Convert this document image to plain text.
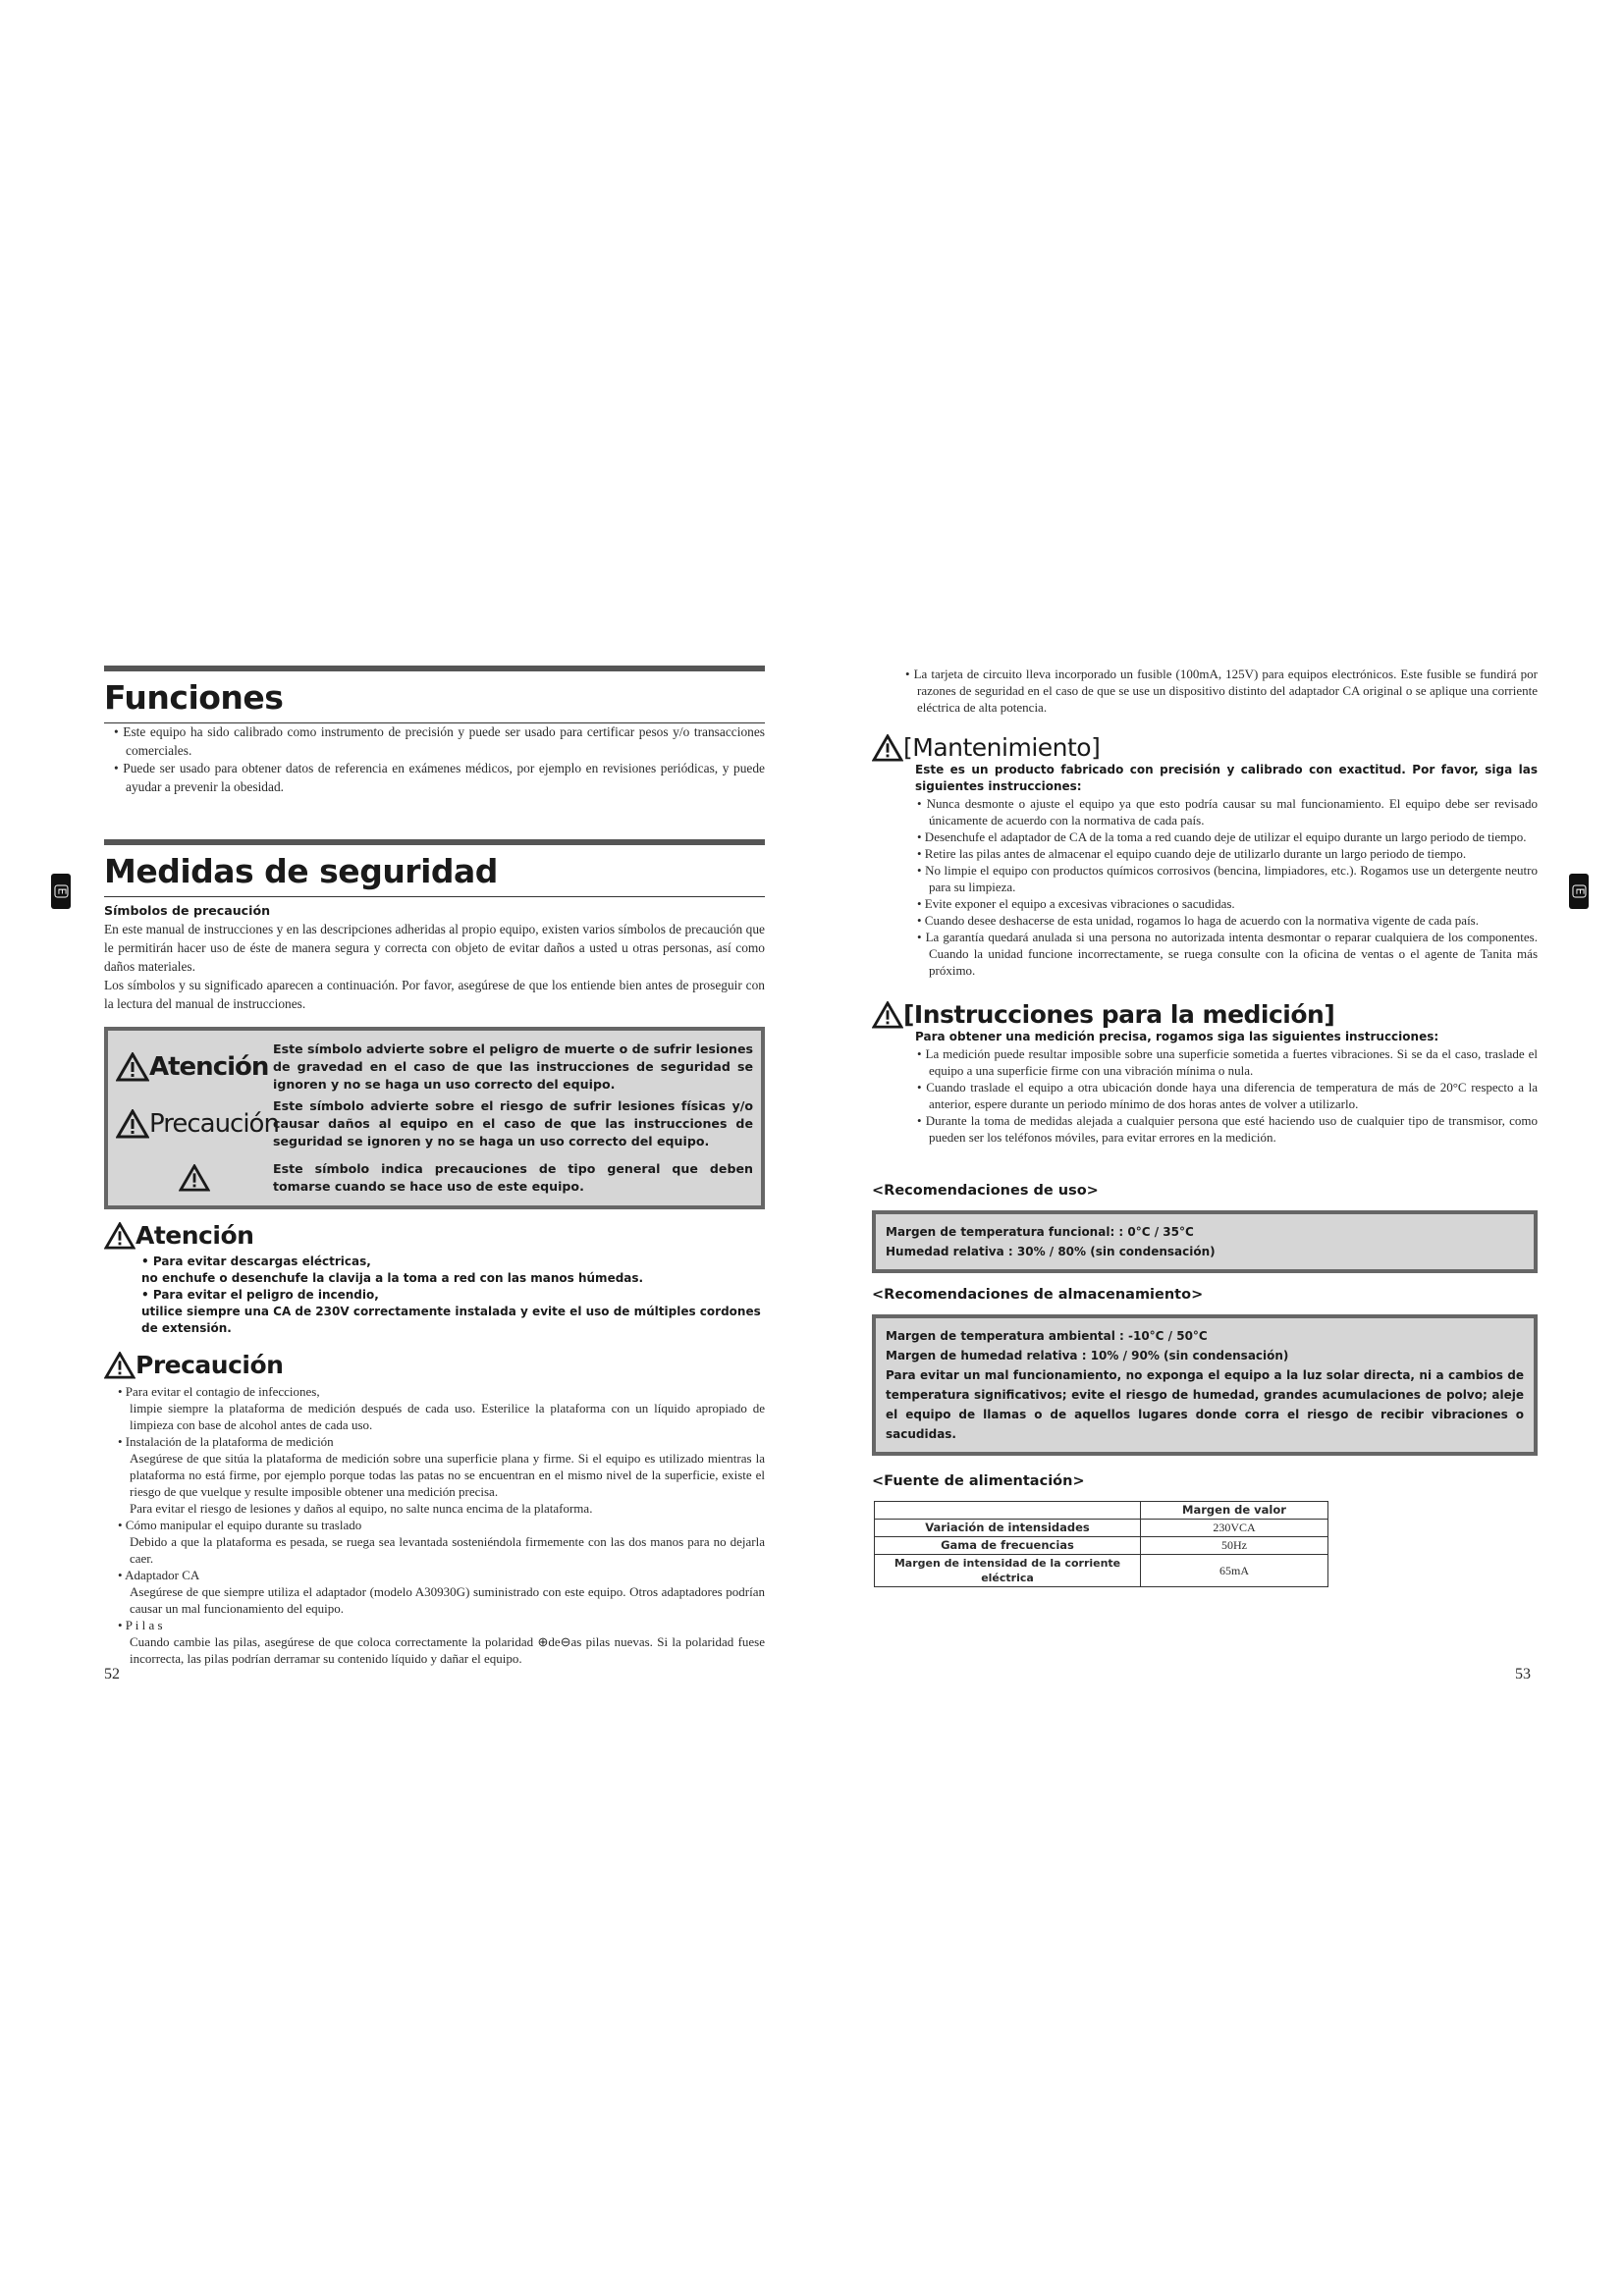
E	E
Funciones

• Este equipo ha sido calibrado como instrumento de precisión y puede ser usado para certificar pesos y/o transacciones comerciales.

• Puede ser usado para obtener datos de referencia en exámenes médicos, por ejemplo en revisiones periódicas, y puede ayudar a prevenir la obesidad.

Medidas de seguridad
Símbolos de precaución

En este manual de instrucciones y en las descripciones adheridas al propio equipo, existen varios símbolos de precaución que le permitirán hacer uso de éste de manera segura y correcta con objeto de evitar daños a usted u otras personas, así como daños materiales.

Los símbolos y su significado aparecen a continuación. Por favor, asegúrese de que los entiende bien antes de proseguir con la lectura del manual de instrucciones.

Atención
Este símbolo advierte sobre el peligro de muerte o de sufrir lesiones de gravedad en el caso de que las instrucciones de seguridad se ignoren y no se haga un uso correcto del equipo.
Precaución
Este símbolo advierte sobre el riesgo de sufrir lesiones físicas y/o causar daños al equipo en el caso de que las instrucciones de seguridad se ignoren y no se haga un uso correcto del equipo.
Este símbolo indica precauciones de tipo general que deben tomarse cuando se hace uso de este equipo.
Atención
• Para evitar descargas eléctricas,
no enchufe o desenchufe la clavija a la toma a red con las manos húmedas.
• Para evitar el peligro de incendio,
utilice siempre una CA de 230V correctamente instalada y evite el uso de múltiples cordones de extensión.
Precaución

• Para evitar el contagio de infecciones,

limpie siempre la plataforma de medición después de cada uso. Esterilice la plataforma con un líquido apropiado de limpieza con base de alcohol antes de cada uso.

• Instalación de la plataforma de medición

Asegúrese de que sitúa la plataforma de medición sobre una superficie plana y firme. Si el equipo es utilizado mientras la plataforma no está firme, por ejemplo porque todas las patas no se encuentran en el mismo nivel de la superficie, existe el riesgo de que vuelque y resulte imposible obtener una medición precisa.

Para evitar el riesgo de lesiones y daños al equipo, no salte nunca encima de la plataforma.

• Cómo manipular el equipo durante su traslado

Debido a que la plataforma es pesada, se ruega sea levantada sosteniéndola firmemente con las dos manos para no dejarla caer.

• Adaptador CA

Asegúrese de que siempre utiliza el adaptador (modelo A30930G) suministrado con este equipo. Otros adaptadores podrían causar un mal funcionamiento del equipo.

• P i l a s

Cuando cambie las pilas, asegúrese de que coloca correctamente la polaridad ⊕de⊖as pilas nuevas. Si la polaridad fuese incorrecta, las pilas podrían derramar su contenido líquido y dañar el equipo.

52

• La tarjeta de circuito lleva incorporado un fusible (100mA, 125V) para equipos electrónicos. Este fusible se fundirá por razones de seguridad en el caso de que se use un dispositivo distinto del adaptador CA original o se aplique una corriente eléctrica de alta potencia.

[Mantenimiento]
Este es un producto fabricado con precisión y calibrado con exactitud. Por favor, siga las siguientes instrucciones:

• Nunca desmonte o ajuste el equipo ya que esto podría causar su mal funcionamiento. El equipo debe ser revisado únicamente de acuerdo con la normativa de cada país.

• Desenchufe el adaptador de CA de la toma a red cuando deje de utilizar el equipo durante un largo periodo de tiempo.

• Retire las pilas antes de almacenar el equipo cuando deje de utilizarlo durante un largo periodo de tiempo.

• No limpie el equipo con productos químicos corrosivos (bencina, limpiadores, etc.). Rogamos use un detergente neutro para su limpieza.

• Evite exponer el equipo a excesivas vibraciones o sacudidas.

• Cuando desee deshacerse de esta unidad, rogamos lo haga de acuerdo con la normativa vigente de cada país.

• La garantía quedará anulada si una persona no autorizada intenta desmontar o reparar cualquiera de los componentes. Cuando la unidad funcione incorrectamente, se ruega consulte con la oficina de ventas o el agente de Tanita más próximo.

[Instrucciones para la medición]
Para obtener una medición precisa, rogamos siga las siguientes instrucciones:

• La medición puede resultar imposible sobre una superficie sometida a fuertes vibraciones. Si se da el caso, traslade el equipo a una superficie firme con una vibración mínima o nula.

• Cuando traslade el equipo a otra ubicación donde haya una diferencia de temperatura de más de 20°C respecto a la anterior, espere durante un periodo mínimo de dos horas antes de volver a utilizarlo.

• Durante la toma de medidas alejada a cualquier persona que esté haciendo uso de cualquier tipo de transmisor, como pueden ser los teléfonos móviles, para evitar errores en la medición.

<Recomendaciones de uso>
Margen de temperatura funcional: : 0°C / 35°C
Humedad relativa : 30% / 80% (sin condensación)
<Recomendaciones de almacenamiento>
Margen de temperatura ambiental : -10°C / 50°C
Margen de humedad relativa : 10% / 90% (sin condensación)
Para evitar un mal funcionamiento, no exponga el equipo a la luz solar directa, ni a cambios de temperatura significativos; evite el riesgo de humedad, grandes acumulaciones de polvo; aleje el equipo de llamas o de aquellos lugares donde corra el riesgo de recibir vibraciones o sacudidas.
<Fuente de alimentación>
	Margen de valor
Variación de intensidades	230VCA
Gama de frecuencias	50Hz
Margen de intensidad de la corriente eléctrica	65mA
53
